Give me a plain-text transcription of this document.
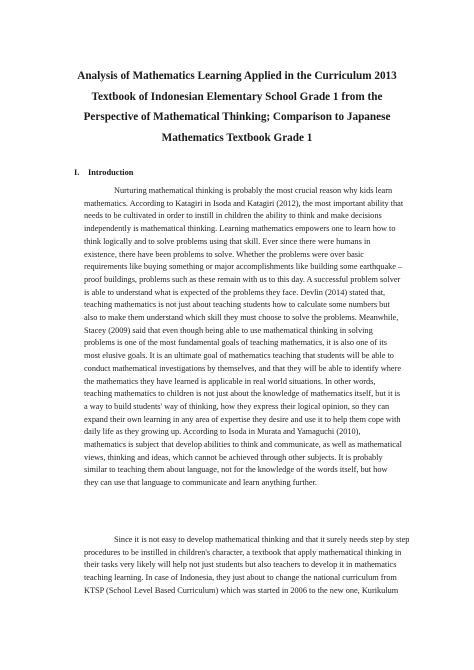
Analysis of Mathematics Learning Applied in the Curriculum 2013
Textbook of Indonesian Elementary School Grade 1 from the
Perspective of Mathematical Thinking; Comparison to Japanese
Mathematics Textbook Grade 1
I. Introduction
Nurturing mathematical thinking is probably the most crucial reason why kids learn
mathematics. According to Katagiri in Isoda and Katagiri (2012), the most important ability that
needs to be cultivated in order to instill in children the ability to think and make decisions
independently is mathematical thinking. Learning mathematics empowers one to learn how to
think logically and to solve problems using that skill. Ever since there were humans in
existence, there have been problems to solve. Whether the problems were over basic
requirements like buying something or major accomplishments like building some earthquake –
proof buildings, problems such as these remain with us to this day. A successful problem solver
is able to understand what is expected of the problems they face. Devlin (2014) stated that,
teaching mathematics is not just about teaching students how to calculate some numbers but
also to make them understand which skill they must choose to solve the problems. Meanwhile,
Stacey (2009) said that even though being able to use mathematical thinking in solving
problems is one of the most fundamental goals of teaching mathematics, it is also one of its
most elusive goals. It is an ultimate goal of mathematics teaching that students will be able to
conduct mathematical investigations by themselves, and that they will be able to identify where
the mathematics they have learned is applicable in real world situations. In other words,
teaching mathematics to children is not just about the knowledge of mathematics itself, but it is
a way to build students' way of thinking, how they express their logical opinion, so they can
expand their own learning in any area of expertise they desire and use it to help them cope with
daily life as they growing up. According to Isoda in Murata and Yamaguchi (2010),
mathematics is subject that develop abilities to think and communicate, as well as mathematical
views, thinking and ideas, which cannot be achieved through other subjects. It is probably
similar to teaching them about language, not for the knowledge of the words itself, but how
they can use that language to communicate and learn anything further.
Since it is not easy to develop mathematical thinking and that it surely needs step by step
procedures to be instilled in children's character, a textbook that apply mathematical thinking in
their tasks very likely will help not just students but also teachers to develop it in mathematics
teaching learning. In case of Indonesia, they just about to change the national curriculum from
KTSP (School Level Based Curriculum) which was started in 2006 to the new one, Kurikulum
